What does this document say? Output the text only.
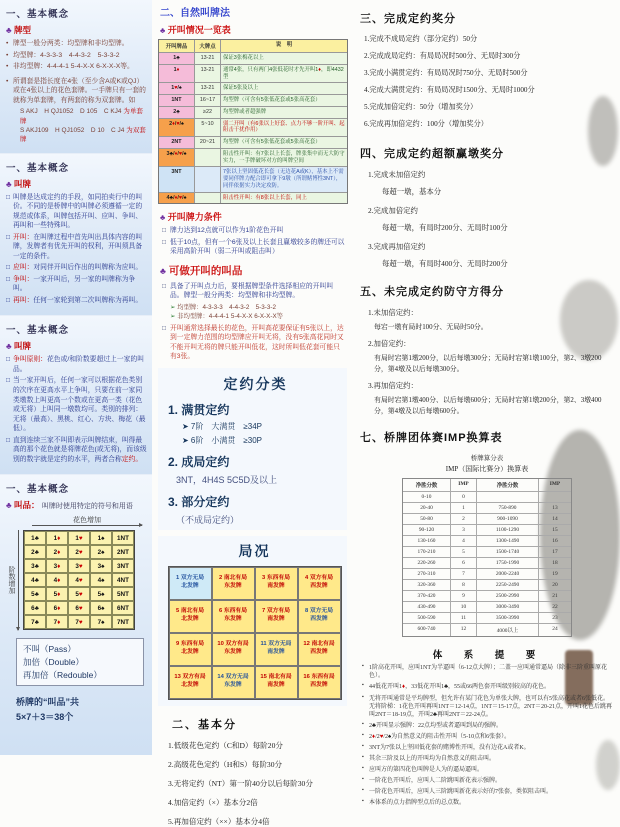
一、基本概念
♣ 牌型
• 牌型一般分两类：均型牌和非均型牌。
• 均型牌：4-3-3-3　4-4-3-2　5-3-3-2
• 非均型牌：4-4-4-1 5-4-X-X 6-X-X-X等。
• 所谓套是指长度在4张（至少含A或K或QJ）或在4张以上的花色套牌。一手牌只有一套的就称为单套牌，有两套的称为双套牌。如
S AKJ　H QJ1052　D 105　C KJ4 为单套牌
S AKJ109　H QJ1052　D 10　C J4 为双套牌
一、基本概念
♣ 叫牌
□ 叫牌是达成定约的手段，如同拍卖行中的叫价。不同的是桥牌中的叫牌必须遵循一定的规范或体系，叫牌包括开叫、应叫、争叫、再叫和一些特殊叫。
□ 开叫：在叫牌过程中首先叫出具体内容的叫牌，发牌者有优先开叫的权利，开叫须具备一定的条件。
□ 应叫：对同伴开叫后作出的叫牌称为应叫。
□ 争叫：一家开叫后，另一家的叫牌称为争叫。
□ 再叫：任何一家轮到第二次叫牌称为再叫。
一、基本概念
♣ 叫牌
□ 争叫原则：花色或/和阶数要超过上一家的叫品。
□ 当一家开叫后，任何一家可以根据花色类别的次序在更高水平上争叫，只要在前一家同类墩数上叫更高一个数或在更高一类（花色或无将）上叫同一墩数均可。类别的排列：无将（最高）、黑桃、红心、方块、梅花（最低）。
□ 直到连续三家不叫即表示叫牌结束，叫得最高的那个花色就是将牌花色(或无将)，而该级别的数字就是定约的水平，两者合称定约。
一、基本概念
♣ 叫品： 叫牌时使用特定的符号和用语
花色增加
阶数增加
1♣	1♦	1♥	1♠	1NT
2♣	2♦	2♥	2♠	2NT
3♣	3♦	3♥	3♠	3NT
4♣	4♦	4♥	4♠	4NT
5♣	5♦	5♥	5♠	5NT
6♣	6♦	6♥	6♠	6NT
7♣	7♦	7♥	7♠	7NT
不叫（Pass）
加倍（Double）
再加倍（Redouble）
桥牌的“叫品”共
5×7＋3＝38个
二、自然叫牌法
♣ 开叫情况一览表
开叫牌品	大牌点	说　明
1♣	13-21	保证3张梅花以上
1♦	13-21	通常4张，只有两门4张低花时才先开叫1♦，即4432型
1♥/♠	13-21	保证5张及以上
1NT	16~17	均型牌（可含有5张低花套或5张高花套）
2♣	≥22	均型牌或者超强牌
2♦/♥/♠	5~10	弱二开叫（有6张以上好套、点力不够一阶开叫、起阻击干扰作用）
2NT	20~21	均型牌（可含有5张低花套或5张高花套）
3♣/♦/♥/♠	阻击性开叫：有7张以上长套，牌张集中而无大防守实力，一手牌破坏对方的叫牌空间
3NT	7张以上坚固低花长套（无边花A或K），基本上不需要同伴牌力配合即可拿下9墩（所谓赌博性3NT），同伴依据实力决定攻防。
4♣/♦/♥/♠	阻击性开叫：有8张以上长套，同上
♣ 开叫牌力条件
□ 牌力达到12点就可以作为1阶花色开叫
□ 低于10点，但有一个6张及以上长套且赢墩较多的牌还可以采用高阶开叫（弱二开叫或阻击叫）
♣ 可做开叫的叫品
□ 具备了开叫点力后，要根据牌型条件选择相应的开叫叫品。牌型一般分两类：均型牌和非均型牌。
➢ 均型牌：4-3-3-3　4-4-3-2　5-3-3-2
➢ 非均型牌：4-4-4-1 5-4-X-X 6-X-X-X等
□ 开叫通常选择最长的花色，开叫高花要保证有5张以上，达到一定牌力范围的均型牌应开叫无将，没有5张高花同时又不能开叫无将的牌只能开叫低花，这时所叫低花套可能只有3张。
定约分类
1. 满贯定约
➤ 7阶　大满贯　≥34P
➤ 6阶　小满贯　≥30P
2. 成局定约
3NT，4H4S 5C5D及以上
3. 部分定约
（不成局定约）
局况
1 双方无局
北发牌
2 南北有局
东发牌
3 东西有局
南发牌
4 双方有局
西发牌
5 南北有局
北发牌
6 东西有局
东发牌
7 双方有局
南发牌
8 双方无局
西发牌
9 东西有局
北发牌
10 双方有局
东发牌
11 双方无局
南发牌
12 南北有局
西发牌
13 双方有局
北发牌
14 双方无局
东发牌
15 南北有局
南发牌
16 东西有局
西发牌
二、基本分
1.低级花色定约（C和D）每阶20分
2.高级花色定约（H和S）每阶30分
3.无将定约（NT）第一阶40分以后每阶30分
4.加倍定约（×）基本分2倍
5.再加倍定约（××）基本分4倍
三、完成定约奖分
1.完成不成局定约（部分定约）50分
2.完成成局定约：有局局况时500分、无局时300分
3.完成小满贯定约：有局局况时750分、无局时500分
4.完成大满贯定约：有局局况时1500分、无局时1000分
5.完成加倍定约：50分（增加奖分）
6.完成再加倍定约：100分（增加奖分）
四、完成定约超额赢墩奖分
1.完成未加倍定约
每超一墩，基本分
2.完成加倍定约
每超一墩，有局时200分、无局时100分
3.完成再加倍定约
每超一墩，有局时400分、无局时200分
五、未完成定约防守方得分
1.未加倍定约：
每宕一墩有局时100分、无局时50分。
2.加倍定约：
有局时宕第1墩200分，以后每墩300分；无局时宕第1墩100分，第2、3墩200分，第4墩及以后每墩300分。
3.再加倍定约：
有局时宕第1墩400分、以后每墩600分；无局时宕第1墩200分，第2、3墩400分，第4墩及以后每墩600分。
七、桥牌团体赛IMP换算表
桥牌算分表
IMP（国际比赛分）换算表
净胜分数	IMP	净胜分数	IMP
0-10	0
20-40	1	750-890	13
50-80	2	900-1090	14
90-120	3	1100-1290	15
130-160	4	1300-1490	16
170-210	5	1500-1740	17
220-260	6	1750-1990	18
270-310	7	2000-2240	19
320-360	8	2250-2490	20
370-420	9	2500-2990	21
430-490	10	3000-3490	22
500-590	11	3500-3990	23
600-740	12	4000以上	24
体　系　提　要
▪ 1阶高花开叫，应叫1NT为半逼叫（6-12点大牌）；二盖一应叫通常逼局（除非三阶重叫原花色）。
▪ 44低花开叫1♦，33低花开叫1♣，55或66两色套开叫级别较高的花色。
▪ 无将开叫通常是平均牌型，但允许有某门花色为单张大牌，也可以有5张高花或者6张低花。无将阶梯：1花色开叫再叫1NT＝12-14点，1NT＝15-17点，2NT＝20-21点，开叫1花色后跳再叫2NT＝18-19点，开叫2♣再叫2NT＝22-24点。
▪ 2♣开叫显示强牌：22点均型或者逼叫到局的强牌。
▪ 2♦/2♥/2♠为自然意义的阻击性开叫（5-10点和6张套）。
▪ 3NT为7张以上坚固低花套的赌博性开叫，没有边花A或者K。
▪ 其余三阶及以上的开叫均为自然意义的阻击叫。
▪ 应叫方的第四花色叫牌是人为的逼局逼叫。
▪ 一阶花色开叫后，应叫人二阶跳叫新花表示强牌。
▪ 一阶花色开叫后，应叫人三阶跳叫新花表示好的7张套，类似阻击叫。
▪ 本体系的点力指牌型点后的总点数。
